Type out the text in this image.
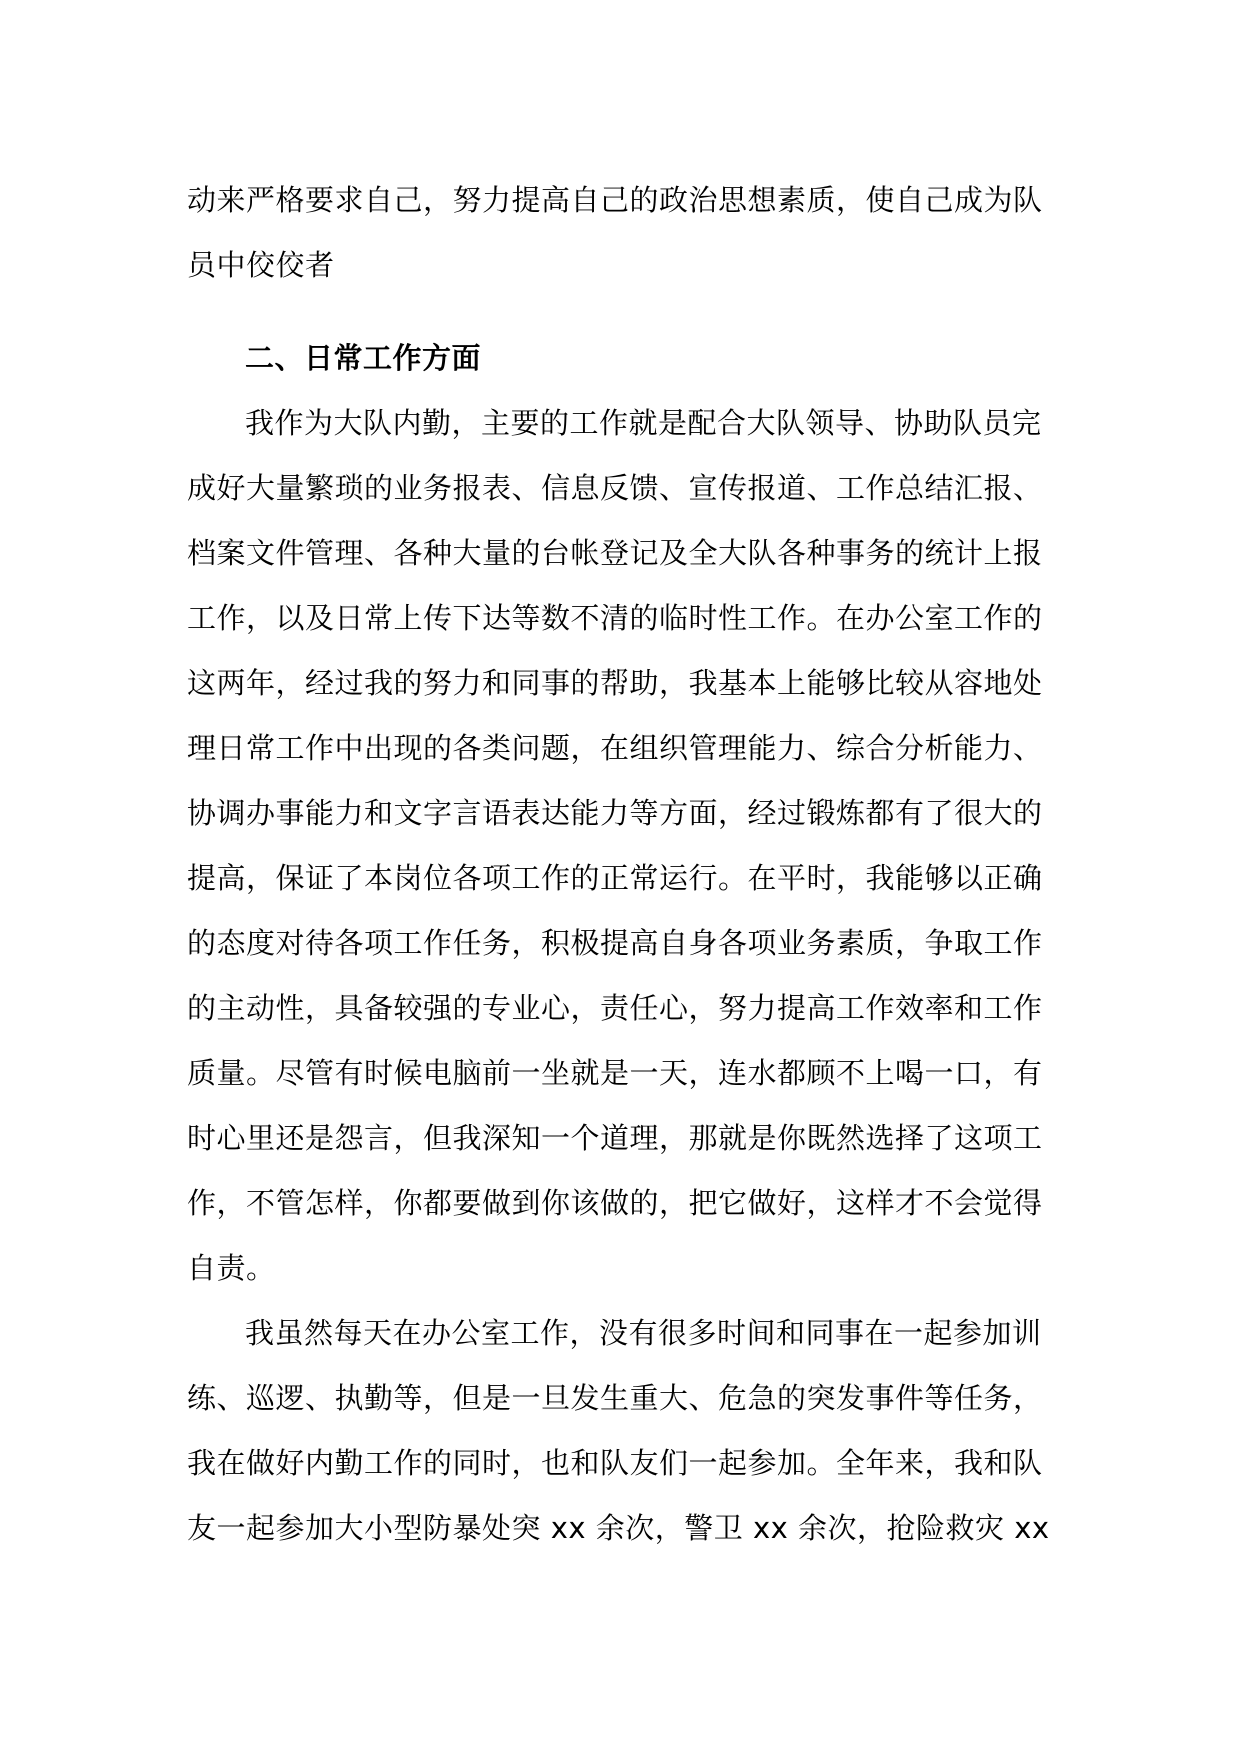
动来严格要求自己，努力提高自己的政治思想素质，使自己成为队
员中佼佼者
二、日常工作方面
我作为大队内勤，主要的工作就是配合大队领导、协助队员完
成好大量繁琐的业务报表、信息反馈、宣传报道、工作总结汇报、
档案文件管理、各种大量的台帐登记及全大队各种事务的统计上报
工作，以及日常上传下达等数不清的临时性工作。在办公室工作的
这两年，经过我的努力和同事的帮助，我基本上能够比较从容地处
理日常工作中出现的各类问题，在组织管理能力、综合分析能力、
协调办事能力和文字言语表达能力等方面，经过锻炼都有了很大的
提高，保证了本岗位各项工作的正常运行。在平时，我能够以正确
的态度对待各项工作任务，积极提高自身各项业务素质，争取工作
的主动性，具备较强的专业心，责任心，努力提高工作效率和工作
质量。尽管有时候电脑前一坐就是一天，连水都顾不上喝一口，有
时心里还是怨言，但我深知一个道理，那就是你既然选择了这项工
作，不管怎样，你都要做到你该做的，把它做好，这样才不会觉得
自责。
我虽然每天在办公室工作，没有很多时间和同事在一起参加训
练、巡逻、执勤等，但是一旦发生重大、危急的突发事件等任务，
我在做好内勤工作的同时，也和队友们一起参加。全年来，我和队
友一起参加大小型防暴处突 xx 余次，警卫 xx 余次，抢险救灾 xx
